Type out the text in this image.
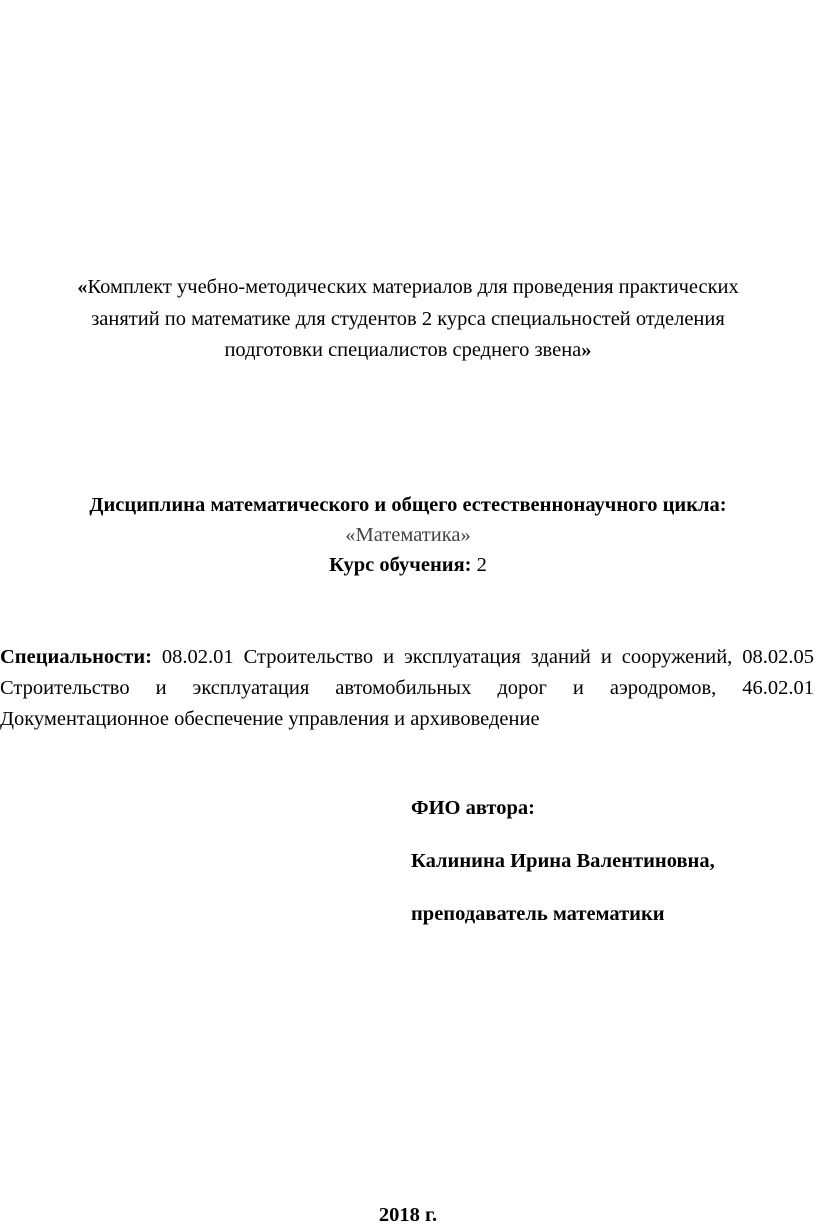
«Комплект учебно-методических материалов для проведения практических
занятий по математике для студентов 2 курса специальностей отделения
подготовки специалистов среднего звена»
Дисциплина математического и общего естественнонаучного цикла:
«Математика»
Курс обучения: 2
Специальности: 08.02.01 Строительство и эксплуатация зданий и сооружений, 08.02.05 Строительство и эксплуатация автомобильных дорог и аэродромов, 46.02.01 Документационное обеспечение управления и архивоведение
ФИО автора:
Калинина Ирина Валентиновна,
преподаватель математики
2018 г.
